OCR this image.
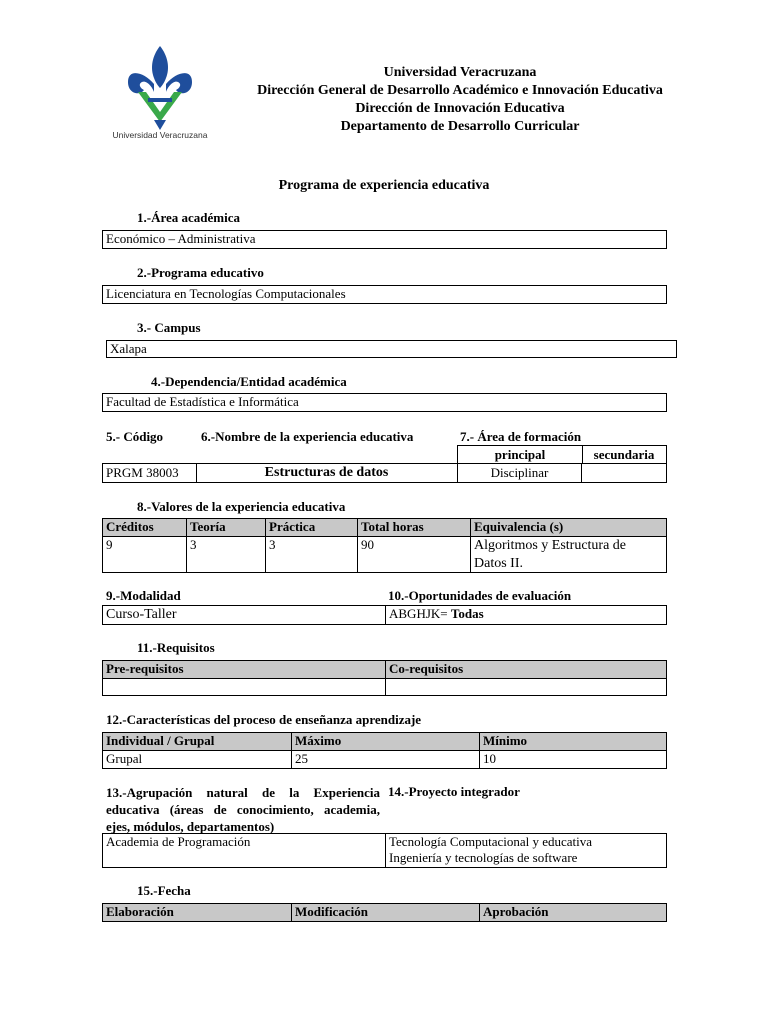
Universidad Veracruzana
Universidad Veracruzana
Dirección General de Desarrollo Académico e Innovación Educativa
Dirección de Innovación Educativa
Departamento de Desarrollo Curricular
Programa de experiencia educativa
1.-Área académica
Económico – Administrativa
2.-Programa educativo
Licenciatura en Tecnologías Computacionales
3.- Campus
Xalapa
4.-Dependencia/Entidad académica
Facultad de Estadística e Informática
5.- Código	6.-Nombre de la experiencia educativa	7.- Área de formación
principal	secundaria
PRGM 38003	Estructuras de datos	Disciplinar
8.-Valores de la experiencia educativa
Créditos	Teoría	Práctica	Total horas	Equivalencia (s)
9	3	3	90	Algoritmos y Estructura de Datos II.
9.-Modalidad	10.-Oportunidades de evaluación
Curso-Taller	ABGHJK= Todas
11.-Requisitos
Pre-requisitos	Co-requisitos
12.-Características del proceso de enseñanza aprendizaje
Individual / Grupal	Máximo	Mínimo
Grupal	25	10
13.-Agrupación natural de la Experiencia
educativa (áreas de conocimiento, academia,
ejes, módulos, departamentos)
14.-Proyecto integrador
Academia de Programación	Tecnología Computacional y educativa
Ingeniería y tecnologías de software
15.-Fecha
Elaboración	Modificación	Aprobación
